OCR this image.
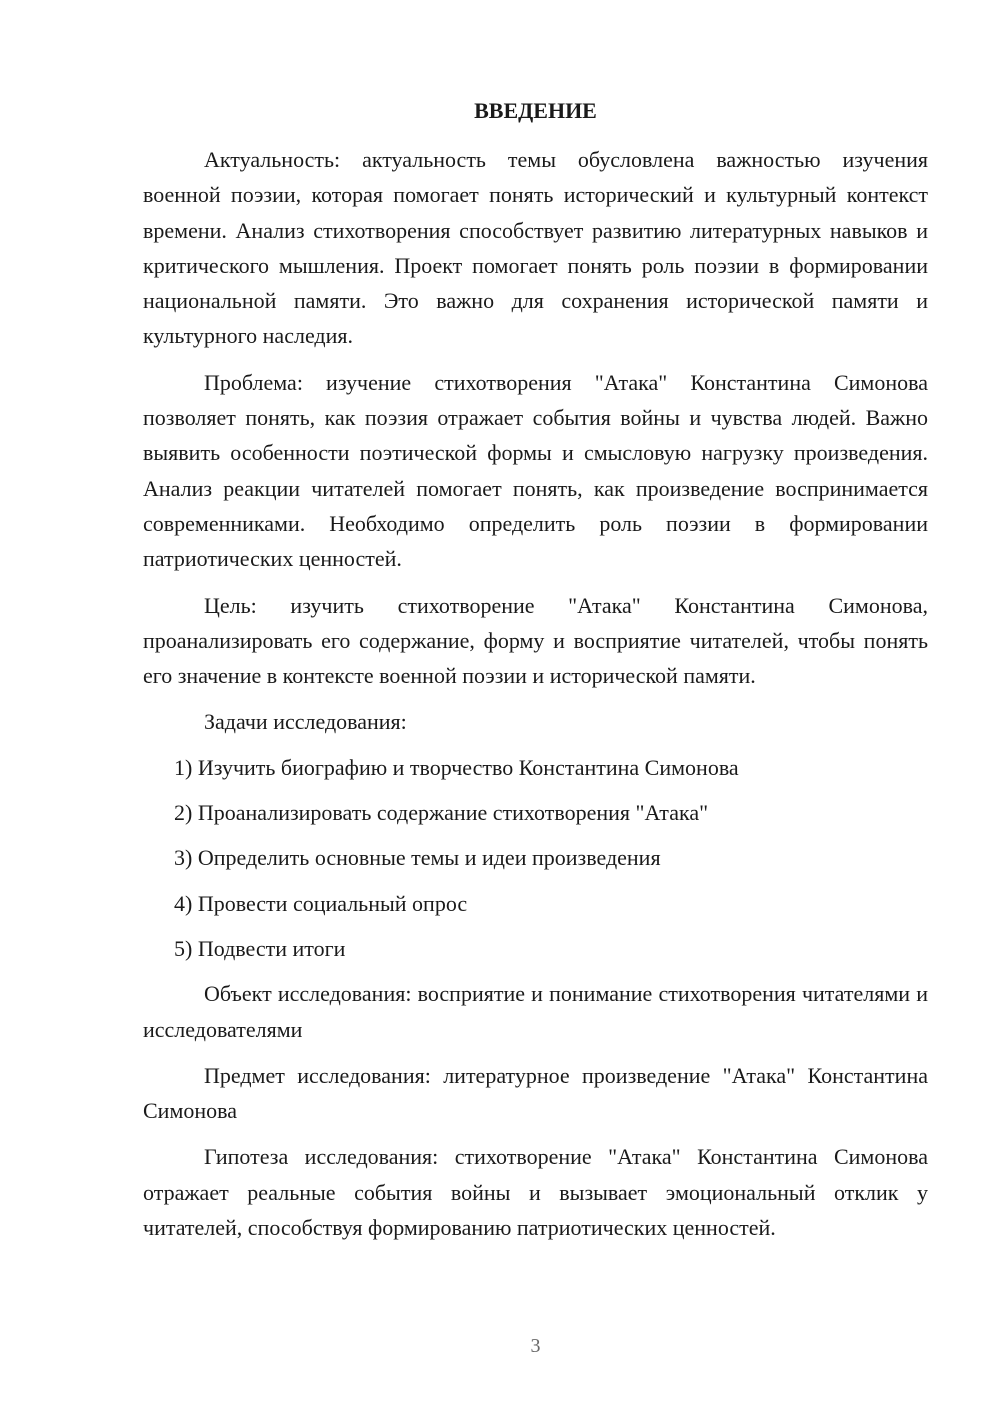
ВВЕДЕНИЕ

Актуальность: актуальность темы обусловлена важностью изучения военной поэзии, которая помогает понять исторический и культурный контекст времени. Анализ стихотворения способствует развитию литературных навыков и критического мышления. Проект помогает понять роль поэзии в формировании национальной памяти. Это важно для сохранения исторической памяти и культурного наследия.

Проблема: изучение стихотворения "Атака" Константина Симонова позволяет понять, как поэзия отражает события войны и чувства людей. Важно выявить особенности поэтической формы и смысловую нагрузку произведения. Анализ реакции читателей помогает понять, как произведение воспринимается современниками. Необходимо определить роль поэзии в формировании патриотических ценностей.

Цель: изучить стихотворение "Атака" Константина Симонова, проанализировать его содержание, форму и восприятие читателей, чтобы понять его значение в контексте военной поэзии и исторической памяти.

Задачи исследования:

1) Изучить биографию и творчество Константина Симонова
2) Проанализировать содержание стихотворения "Атака"
3) Определить основные темы и идеи произведения
4) Провести социальный опрос
5) Подвести итоги

Объект исследования: восприятие и понимание стихотворения читателями и исследователями

Предмет исследования: литературное произведение "Атака" Константина Симонова

Гипотеза исследования: стихотворение "Атака" Константина Симонова отражает реальные события войны и вызывает эмоциональный отклик у читателей, способствуя формированию патриотических ценностей.

3
